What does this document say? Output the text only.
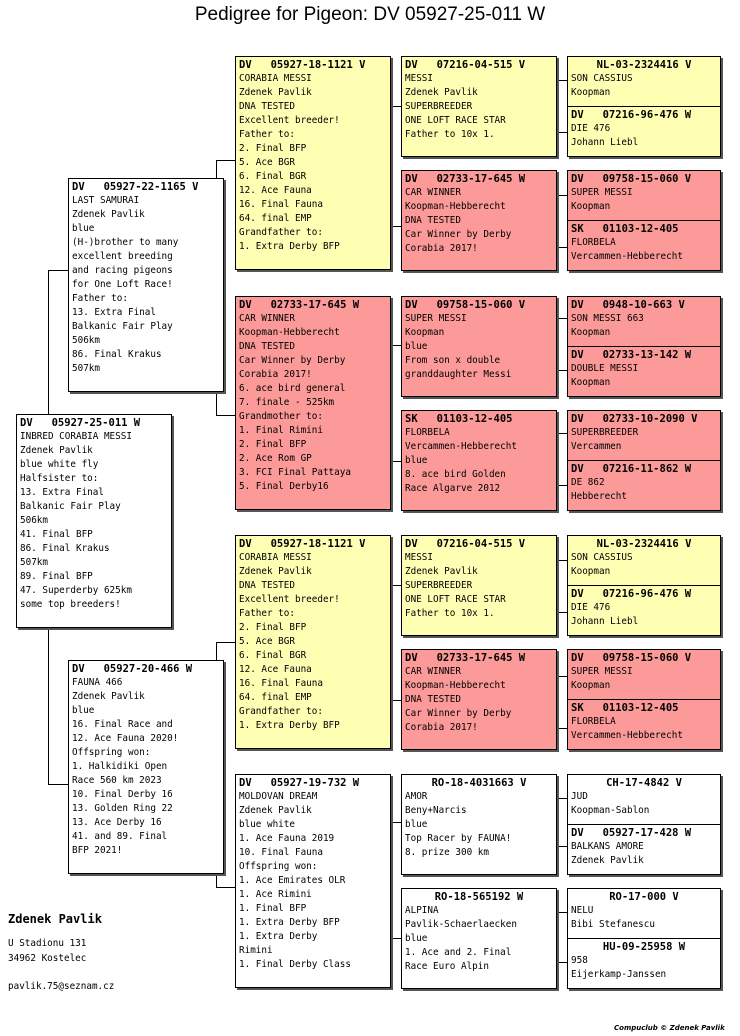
Pedigree for Pigeon: DV 05927-25-011 W
DV   05927-25-011 W
INBRED CORABIA MESSI
Zdenek Pavlik
blue white fly
Halfsister to:
13. Extra Final
Balkanic Fair Play
506km
41. Final BFP
86. Final Krakus
507km
89. Final BFP
47. Superderby 625km
some top breeders!
DV   05927-22-1165 V
LAST SAMURAI
Zdenek Pavlik
blue
(H-)brother to many
excellent breeding
and racing pigeons
for One Loft Race!
Father to:
13. Extra Final
Balkanic Fair Play
506km
86. Final Krakus
507km
DV   05927-20-466 W
FAUNA 466
Zdenek Pavlik
blue
16. Final Race and
12. Ace Fauna 2020!
Offspring won:
1. Halkidiki Open
Race 560 km 2023
10. Final Derby 16
13. Golden Ring 22
13. Ace Derby 16
41. and 89. Final
BFP 2021!
DV   05927-18-1121 V
CORABIA MESSI
Zdenek Pavlik
DNA TESTED
Excellent breeder!
Father to:
2. Final BFP
5. Ace BGR
6. Final BGR
12. Ace Fauna
16. Final Fauna
64. final EMP
Grandfather to:
1. Extra Derby BFP
DV   02733-17-645 W
CAR WINNER
Koopman-Hebberecht
DNA TESTED
Car Winner by Derby
Corabia 2017!
6. ace bird general
7. finale - 525km
Grandmother to:
1. Final Rimini
2. Final BFP
2. Ace Rom GP
3. FCI Final Pattaya
5. Final Derby16
DV   05927-18-1121 V
CORABIA MESSI
Zdenek Pavlik
DNA TESTED
Excellent breeder!
Father to:
2. Final BFP
5. Ace BGR
6. Final BGR
12. Ace Fauna
16. Final Fauna
64. final EMP
Grandfather to:
1. Extra Derby BFP
DV   05927-19-732 W
MOLDOVAN DREAM
Zdenek Pavlik
blue white
1. Ace Fauna 2019
10. Final Fauna
Offspring won:
1. Ace Emirates OLR
1. Ace Rimini
1. Final BFP
1. Extra Derby BFP
1. Extra Derby
Rimini
1. Final Derby Class
DV   07216-04-515 V
MESSI
Zdenek Pavlik
SUPERBREEDER
ONE LOFT RACE STAR
Father to 10x 1.
DV   02733-17-645 W
CAR WINNER
Koopman-Hebberecht
DNA TESTED
Car Winner by Derby
Corabia 2017!
DV   09758-15-060 V
SUPER MESSI
Koopman
blue
From son x double
granddaughter Messi
SK   01103-12-405
FLORBELA
Vercammen-Hebberecht
blue
8. ace bird Golden
Race Algarve 2012
DV   07216-04-515 V
MESSI
Zdenek Pavlik
SUPERBREEDER
ONE LOFT RACE STAR
Father to 10x 1.
DV   02733-17-645 W
CAR WINNER
Koopman-Hebberecht
DNA TESTED
Car Winner by Derby
Corabia 2017!
RO-18-4031663 V
AMOR
Beny+Narcis
blue
Top Racer by FAUNA!
8. prize 300 km
RO-18-565192 W
ALPINA
Pavlik-Schaerlaecken
blue
1. Ace and 2. Final
Race Euro Alpin
NL-03-2324416 V
SON CASSIUS
Koopman
DV   07216-96-476 W
DIE 476
Johann Liebl
DV   09758-15-060 V
SUPER MESSI
Koopman
SK   01103-12-405
FLORBELA
Vercammen-Hebberecht
DV   0948-10-663 V
SON MESSI 663
Koopman
DV   02733-13-142 W
DOUBLE MESSI
Koopman
DV   02733-10-2090 V
SUPERBREEDER
Vercammen
DV   07216-11-862 W
DE 862
Hebberecht
NL-03-2324416 V
SON CASSIUS
Koopman
DV   07216-96-476 W
DIE 476
Johann Liebl
DV   09758-15-060 V
SUPER MESSI
Koopman
SK   01103-12-405
FLORBELA
Vercammen-Hebberecht
CH-17-4842 V
JUD
Koopman-Sablon
DV   05927-17-428 W
BALKANS AMORE
Zdenek Pavlik
RO-17-000 V
NELU
Bibi Stefanescu
HU-09-25958 W
958
Eijerkamp-Janssen
Zdenek Pavlik
U Stadionu 131
34962 Kostelec
pavlik.75@seznam.cz
Compuclub © Zdenek Pavlik
